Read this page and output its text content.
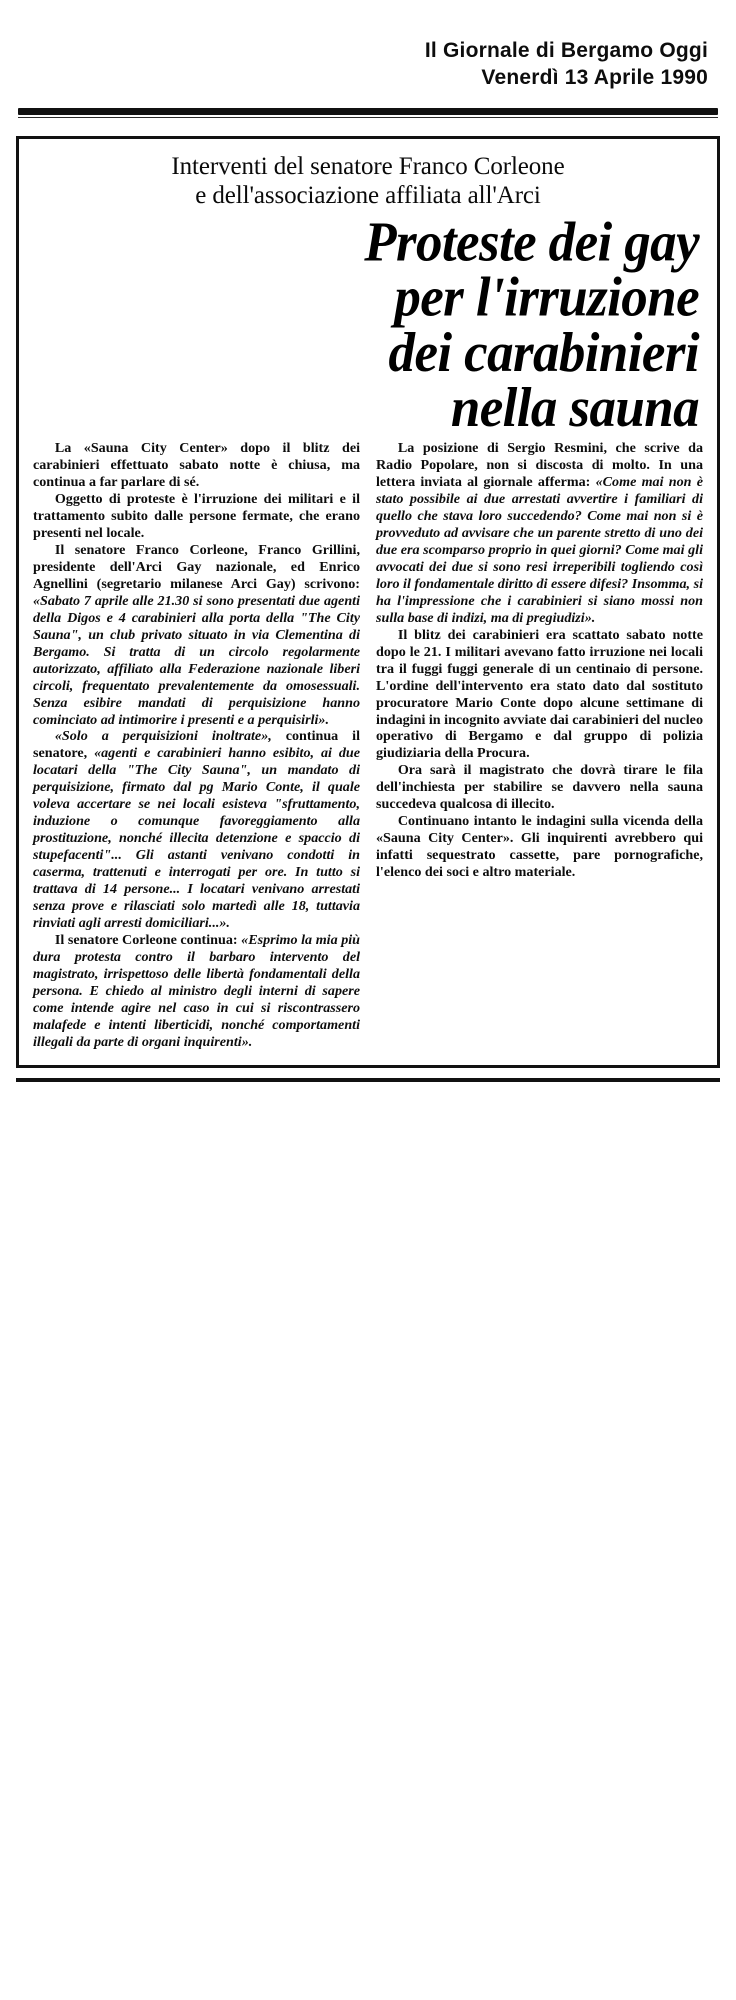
Il Giornale di Bergamo Oggi
Venerdì 13 Aprile 1990
Interventi del senatore Franco Corleone
e dell'associazione affiliata all'Arci
Proteste dei gay
per l'irruzione
dei carabinieri
nella sauna

La «Sauna City Center» dopo il blitz dei carabinieri effettuato sabato notte è chiusa, ma continua a far parlare di sé.

Oggetto di proteste è l'irruzione dei militari e il trattamento subito dalle persone fermate, che erano presenti nel locale.

Il senatore Franco Corleone, Franco Grillini, presidente dell'Arci Gay nazionale, ed Enrico Agnellini (segretario milanese Arci Gay) scrivono: «Sabato 7 aprile alle 21.30 si sono presentati due agenti della Digos e 4 carabinieri alla porta della "The City Sauna", un club privato situato in via Clementina di Bergamo. Si tratta di un circolo regolarmente autorizzato, affiliato alla Federazione nazionale liberi circoli, frequentato prevalentemente da omosessuali. Senza esibire mandati di perquisizione hanno cominciato ad intimorire i presenti e a perquisirli».

«Solo a perquisizioni inoltrate», continua il senatore, «agenti e carabinieri hanno esibito, ai due locatari della "The City Sauna", un mandato di perquisizione, firmato dal pg Mario Conte, il quale voleva accertare se nei locali esisteva "sfruttamento, induzione o comunque favoreggiamento alla prostituzione, nonché illecita detenzione e spaccio di stupefacenti"... Gli astanti venivano condotti in caserma, trattenuti e interrogati per ore. In tutto si trattava di 14 persone... I locatari venivano arrestati senza prove e rilasciati solo martedì alle 18, tuttavia rinviati agli arresti domiciliari...».

Il senatore Corleone continua: «Esprimo la mia più dura protesta contro il barbaro intervento del magistrato, irrispettoso delle libertà fondamentali della persona. E chiedo al ministro degli interni di sapere come intende agire nel caso in cui si riscontrassero malafede e intenti liberticidi, nonché comportamenti illegali da parte di organi inquirenti».

La posizione di Sergio Resmini, che scrive da Radio Popolare, non si discosta di molto. In una lettera inviata al giornale afferma: «Come mai non è stato possibile ai due arrestati avvertire i familiari di quello che stava loro succedendo? Come mai non si è provveduto ad avvisare che un parente stretto di uno dei due era scomparso proprio in quei giorni? Come mai gli avvocati dei due si sono resi irreperibili togliendo così loro il fondamentale diritto di essere difesi? Insomma, si ha l'impressione che i carabinieri si siano mossi non sulla base di indizi, ma di pregiudizi».

Il blitz dei carabinieri era scattato sabato notte dopo le 21. I militari avevano fatto irruzione nei locali tra il fuggi fuggi generale di un centinaio di persone. L'ordine dell'intervento era stato dato dal sostituto procuratore Mario Conte dopo alcune settimane di indagini in incognito avviate dai carabinieri del nucleo operativo di Bergamo e dal gruppo di polizia giudiziaria della Procura.

Ora sarà il magistrato che dovrà tirare le fila dell'inchiesta per stabilire se davvero nella sauna succedeva qualcosa di illecito.

Continuano intanto le indagini sulla vicenda della «Sauna City Center». Gli inquirenti avrebbero qui infatti sequestrato cassette, pare pornografiche, l'elenco dei soci e altro materiale.
